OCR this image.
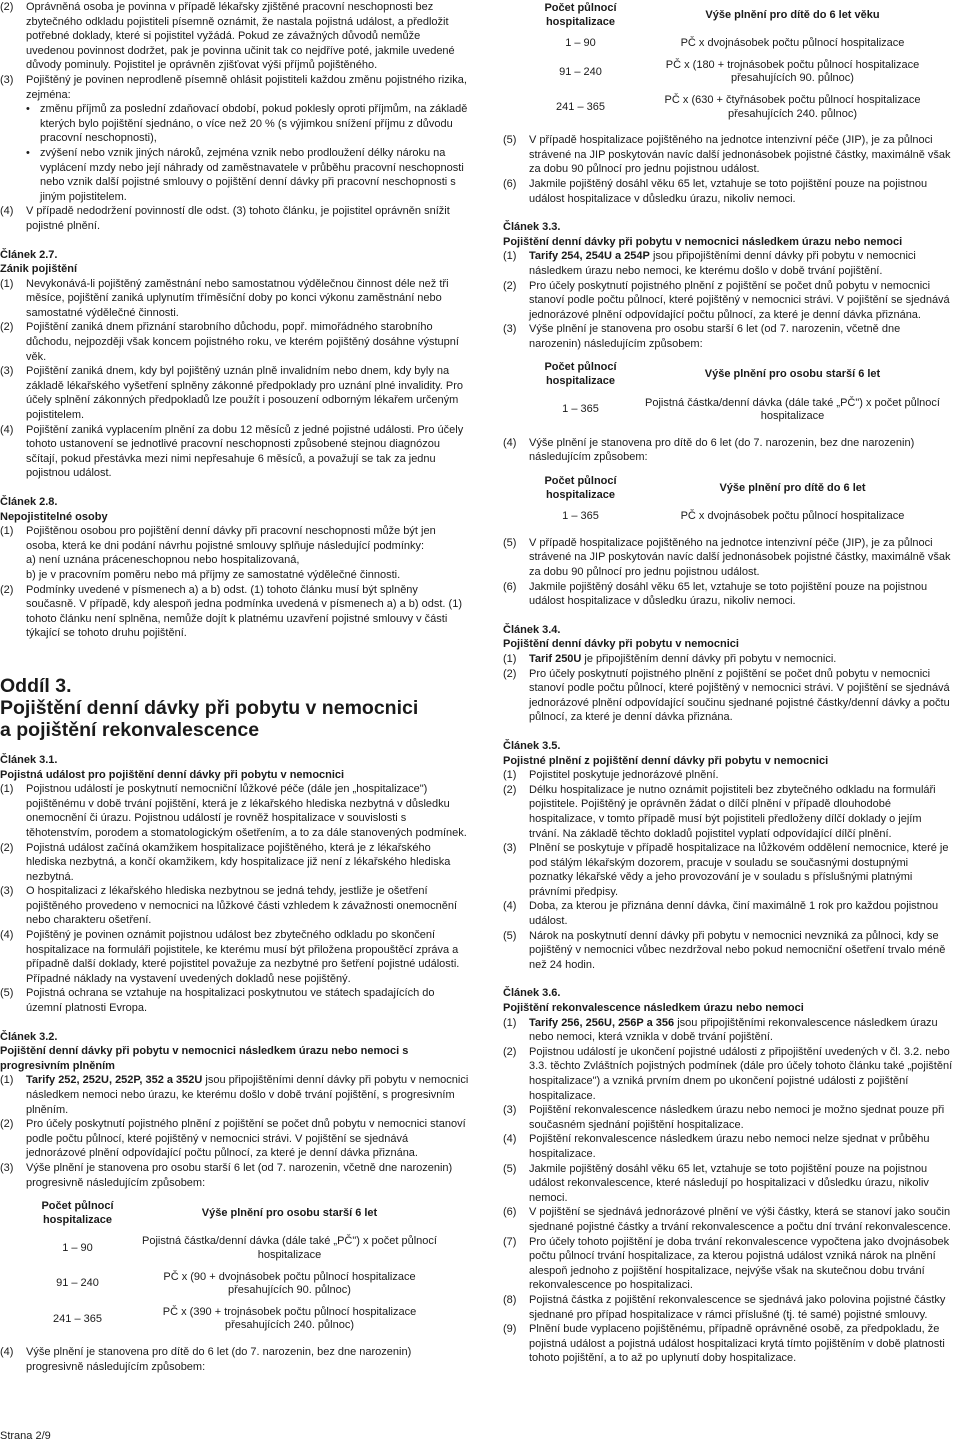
(2)	Oprávněná osoba je povinna v případě lékařsky zjištěné pracovní neschopnosti bez zbytečného odkladu pojistiteli písemně oznámit, že nastala pojistná událost, a předložit potřebné doklady, které si pojistitel vyžádá. Pokud ze závažných důvodů nemůže uvedenou povinnost dodržet, pak je povinna učinit tak co nejdříve poté, jakmile uvedené důvody pominuly. Pojistitel je oprávněn zjišťovat výši příjmů pojištěného.
(3)	Pojištěný je povinen neprodleně písemně ohlásit pojistiteli každou změnu pojistného rizika, zejména:
• změnu příjmů za poslední zdaňovací období, pokud poklesly oproti příjmům, na základě kterých bylo pojištění sjednáno, o více než 20 % (s výjimkou snížení příjmu z důvodu pracovní neschopnosti),
• zvýšení nebo vznik jiných nároků, zejména vznik nebo prodloužení délky nároku na vyplácení mzdy nebo její náhrady od zaměstnavatele v průběhu pracovní neschopnosti nebo vznik další pojistné smlouvy o pojištění denní dávky při pracovní neschopnosti s jiným pojistitelem.
(4)	V případě nedodržení povinností dle odst. (3) tohoto článku, je pojistitel oprávněn snížit pojistné plnění.
Článek 2.7.
Zánik pojištění
(1)	Nevykonává-li pojištěný zaměstnání nebo samostatnou výdělečnou činnost déle než tři měsíce, pojištění zaniká uplynutím tříměsíční doby po konci výkonu zaměstnání nebo samostatné výdělečné činnosti.
(2)	Pojištění zaniká dnem přiznání starobního důchodu, popř. mimořádného starobního důchodu, nejpozději však koncem pojistného roku, ve kterém pojištěný dosáhne výstupní věk.
(3)	Pojištění zaniká dnem, kdy byl pojištěný uznán plně invalidním nebo dnem, kdy byly na základě lékařského vyšetření splněny zákonné předpoklady pro uznání plné invalidity. Pro účely splnění zákonných předpokladů lze použít i posouzení odborným lékařem určeným pojistitelem.
(4)	Pojištění zaniká vyplacením plnění za dobu 12 měsíců z jedné pojistné události. Pro účely tohoto ustanovení se jednotlivé pracovní neschopnosti způsobené stejnou diagnózou sčítají, pokud přestávka mezi nimi nepřesahuje 6 měsíců, a považují se tak za jednu pojistnou událost.
Článek 2.8.
Nepojistitelné osoby
(1)	Pojištěnou osobou pro pojištění denní dávky při pracovní neschopnosti může být jen osoba, která ke dni podání návrhu pojistné smlouvy splňuje následující podmínky:
a) není uznána práceneschopnou nebo hospitalizovaná,
b) je v pracovním poměru nebo má příjmy ze samostatné výdělečné činnosti.
(2)	Podmínky uvedené v písmenech a) a b) odst. (1) tohoto článku musí být splněny současně. V případě, kdy alespoň jedna podmínka uvedená v písmenech a) a b) odst. (1) tohoto článku není splněna, nemůže dojít k platnému uzavření pojistné smlouvy v části týkající se tohoto druhu pojištění.
Oddíl 3.
Pojištění denní dávky při pobytu v nemocnici
a pojištění rekonvalescence
Článek 3.1.
Pojistná událost pro pojištění denní dávky při pobytu v nemocnici
(1)	Pojistnou událostí je poskytnutí nemocniční lůžkové péče (dále jen „hospitalizace") pojištěnému v době trvání pojištění, která je z lékařského hlediska nezbytná v důsledku onemocnění či úrazu. Pojistnou událostí je rovněž hospitalizace v souvislosti s těhotenstvím, porodem a stomatologickým ošetřením, a to za dále stanovených podmínek.
(2)	Pojistná událost začíná okamžikem hospitalizace pojištěného, která je z lékařského hlediska nezbytná, a končí okamžikem, kdy hospitalizace již není z lékařského hlediska nezbytná.
(3)	O hospitalizaci z lékařského hlediska nezbytnou se jedná tehdy, jestliže je ošetření pojištěného provedeno v nemocnici na lůžkové části vzhledem k závažnosti onemocnění nebo charakteru ošetření.
(4)	Pojištěný je povinen oznámit pojistnou událost bez zbytečného odkladu po skončení hospitalizace na formuláři pojistitele, ke kterému musí být přiložena propouštěcí zpráva a případně další doklady, které pojistitel považuje za nezbytné pro šetření pojistné události. Případné náklady na vystavení uvedených dokladů nese pojištěný.
(5)	Pojistná ochrana se vztahuje na hospitalizaci poskytnutou ve státech spadajících do územní platnosti Evropa.
Článek 3.2.
Pojištění denní dávky při pobytu v nemocnici následkem úrazu nebo nemoci s progresivním plněním
(1)	Tarify 252, 252U, 252P, 352 a 352U jsou připojištěními denní dávky při pobytu v nemocnici následkem nemoci nebo úrazu, ke kterému došlo v době trvání pojištění, s progresivním plněním.
(2)	Pro účely poskytnutí pojistného plnění z pojištění se počet dnů pobytu v nemocnici stanoví podle počtu půlnocí, které pojištěný v nemocnici strávi. V pojištění se sjednává jednorázové plnění odpovídající počtu půlnocí, za které je denní dávka přiznána.
(3)	Výše plnění je stanovena pro osobu starší 6 let (od 7. narozenin, včetně dne narozenin) progresivně následujícím způsobem:
Počet půlnocí hospitalizace	Výše plnění pro osobu starší 6 let
1 – 90	Pojistná částka/denní dávka (dále také „PČ") x počet půlnocí hospitalizace
91 – 240	PČ x (90 + dvojnásobek počtu půlnocí hospitalizace přesahujících 90. půlnoc)
241 – 365	PČ x (390 + trojnásobek počtu půlnocí hospitalizace přesahujících 240. půlnoc)
(4)	Výše plnění je stanovena pro dítě do 6 let (do 7. narozenin, bez dne narozenin) progresivně následujícím způsobem:
Počet půlnocí hospitalizace	Výše plnění pro dítě do 6 let věku
1 – 90	PČ x dvojnásobek počtu půlnocí hospitalizace
91 – 240	PČ x (180 + trojnásobek počtu půlnocí hospitalizace přesahujících 90. půlnoc)
241 – 365	PČ x (630 + čtyřnásobek počtu půlnocí hospitalizace přesahujících 240. půlnoc)
(5)	V případě hospitalizace pojištěného na jednotce intenzivní péče (JIP), je za půlnoci strávené na JIP poskytován navíc další jednonásobek pojistné částky, maximálně však za dobu 90 půlnocí pro jednu pojistnou událost.
(6)	Jakmile pojištěný dosáhl věku 65 let, vztahuje se toto pojištění pouze na pojistnou událost hospitalizace v důsledku úrazu, nikoliv nemoci.
Článek 3.3.
Pojištění denní dávky při pobytu v nemocnici následkem úrazu nebo nemoci
(1)	Tarify 254, 254U a 254P jsou připojištěními denní dávky při pobytu v nemocnici následkem úrazu nebo nemoci, ke kterému došlo v době trvání pojištění.
(2)	Pro účely poskytnutí pojistného plnění z pojištění se počet dnů pobytu v nemocnici stanoví podle počtu půlnocí, které pojištěný v nemocnici strávi. V pojištění se sjednává jednorázové plnění odpovídající počtu půlnocí, za které je denní dávka přiznána.
(3)	Výše plnění je stanovena pro osobu starší 6 let (od 7. narozenin, včetně dne narozenin) následujícím způsobem:
Počet půlnocí hospitalizace	Výše plnění pro osobu starší 6 let
1 – 365	Pojistná částka/denní dávka (dále také „PČ") x počet půlnocí hospitalizace
(4)	Výše plnění je stanovena pro dítě do 6 let (do 7. narozenin, bez dne narozenin) následujícím způsobem:
Počet půlnocí hospitalizace	Výše plnění pro dítě do 6 let
1 – 365	PČ x dvojnásobek počtu půlnocí hospitalizace
(5)	V případě hospitalizace pojištěného na jednotce intenzivní péče (JIP), je za půlnoci strávené na JIP poskytován navíc další jednonásobek pojistné částky, maximálně však za dobu 90 půlnocí pro jednu pojistnou událost.
(6)	Jakmile pojištěný dosáhl věku 65 let, vztahuje se toto pojištění pouze na pojistnou událost hospitalizace v důsledku úrazu, nikoliv nemoci.
Článek 3.4.
Pojištění denní dávky při pobytu v nemocnici
(1)	Tarif 250U je připojištěním denní dávky při pobytu v nemocnici.
(2)	Pro účely poskytnutí pojistného plnění z pojištění se počet dnů pobytu v nemocnici stanoví podle počtu půlnocí, které pojištěný v nemocnici strávi. V pojištění se sjednává jednorázové plnění odpovídající součinu sjednané pojistné částky/denní dávky a počtu půlnocí, za které je denní dávka přiznána.
Článek 3.5.
Pojistné plnění z pojištění denní dávky při pobytu v nemocnici
(1)	Pojistitel poskytuje jednorázové plnění.
(2)	Délku hospitalizace je nutno oznámit pojistiteli bez zbytečného odkladu na formuláři pojistitele. Pojištěný je oprávněn žádat o dílčí plnění v případě dlouhodobé hospitalizace, v tomto případě musí být pojistiteli předloženy dílčí doklady o jejím trvání. Na základě těchto dokladů pojistitel vyplatí odpovídající dílčí plnění.
(3)	Plnění se poskytuje v případě hospitalizace na lůžkovém oddělení nemocnice, které je pod stálým lékařským dozorem, pracuje v souladu se současnými dostupnými poznatky lékařské vědy a jeho provozování je v souladu s příslušnými platnými právními předpisy.
(4)	Doba, za kterou je přiznána denní dávka, činí maximálně 1 rok pro každou pojistnou událost.
(5)	Nárok na poskytnutí denní dávky při pobytu v nemocnici nevzniká za půlnoci, kdy se pojištěný v nemocnici vůbec nezdržoval nebo pokud nemocniční ošetření trvalo méně než 24 hodin.
Článek 3.6.
Pojištění rekonvalescence následkem úrazu nebo nemoci
(1)	Tarify 256, 256U, 256P a 356 jsou připojištěními rekonvalescence následkem úrazu nebo nemoci, která vznikla v době trvání pojištění.
(2)	Pojistnou událostí je ukončení pojistné události z připojištění uvedených v čl. 3.2. nebo 3.3. těchto Zvláštních pojistných podmínek (dále pro účely tohoto článku také „pojištění hospitalizace") a vzniká prvním dnem po ukončení pojistné události z pojištění hospitalizace.
(3)	Pojištění rekonvalescence následkem úrazu nebo nemoci je možno sjednat pouze při současném sjednání pojištění hospitalizace.
(4)	Pojištění rekonvalescence následkem úrazu nebo nemoci nelze sjednat v průběhu hospitalizace.
(5)	Jakmile pojištěný dosáhl věku 65 let, vztahuje se toto pojištění pouze na pojistnou událost rekonvalescence, které následují po hospitalizaci v důsledku úrazu, nikoliv nemoci.
(6)	V pojištění se sjednává jednorázové plnění ve výši částky, která se stanoví jako součin sjednané pojistné částky a trvání rekonvalescence a počtu dní trvání rekonvalescence.
(7)	Pro účely tohoto pojištění je doba trvání rekonvalescence vypočtena jako dvojnásobek počtu půlnocí trvání hospitalizace, za kterou pojistná událost vzniká nárok na plnění alespoň jednoho z pojištění hospitalizace, nejvýše však na skutečnou dobu trvání rekonvalescence po hospitalizaci.
(8)	Pojistná částka z pojištění rekonvalescence se sjednává jako polovina pojistné částky sjednané pro případ hospitalizace v rámci příslušné (tj. té samé) pojistné smlouvy.
(9)	Plnění bude vyplaceno pojištěnému, případně oprávněné osobě, za předpokladu, že pojistná událost a pojistná událost hospitalizaci krytá tímto pojištěním v době platnosti tohoto pojištění, a to až po uplynutí doby hospitalizace.
Strana 2/9
